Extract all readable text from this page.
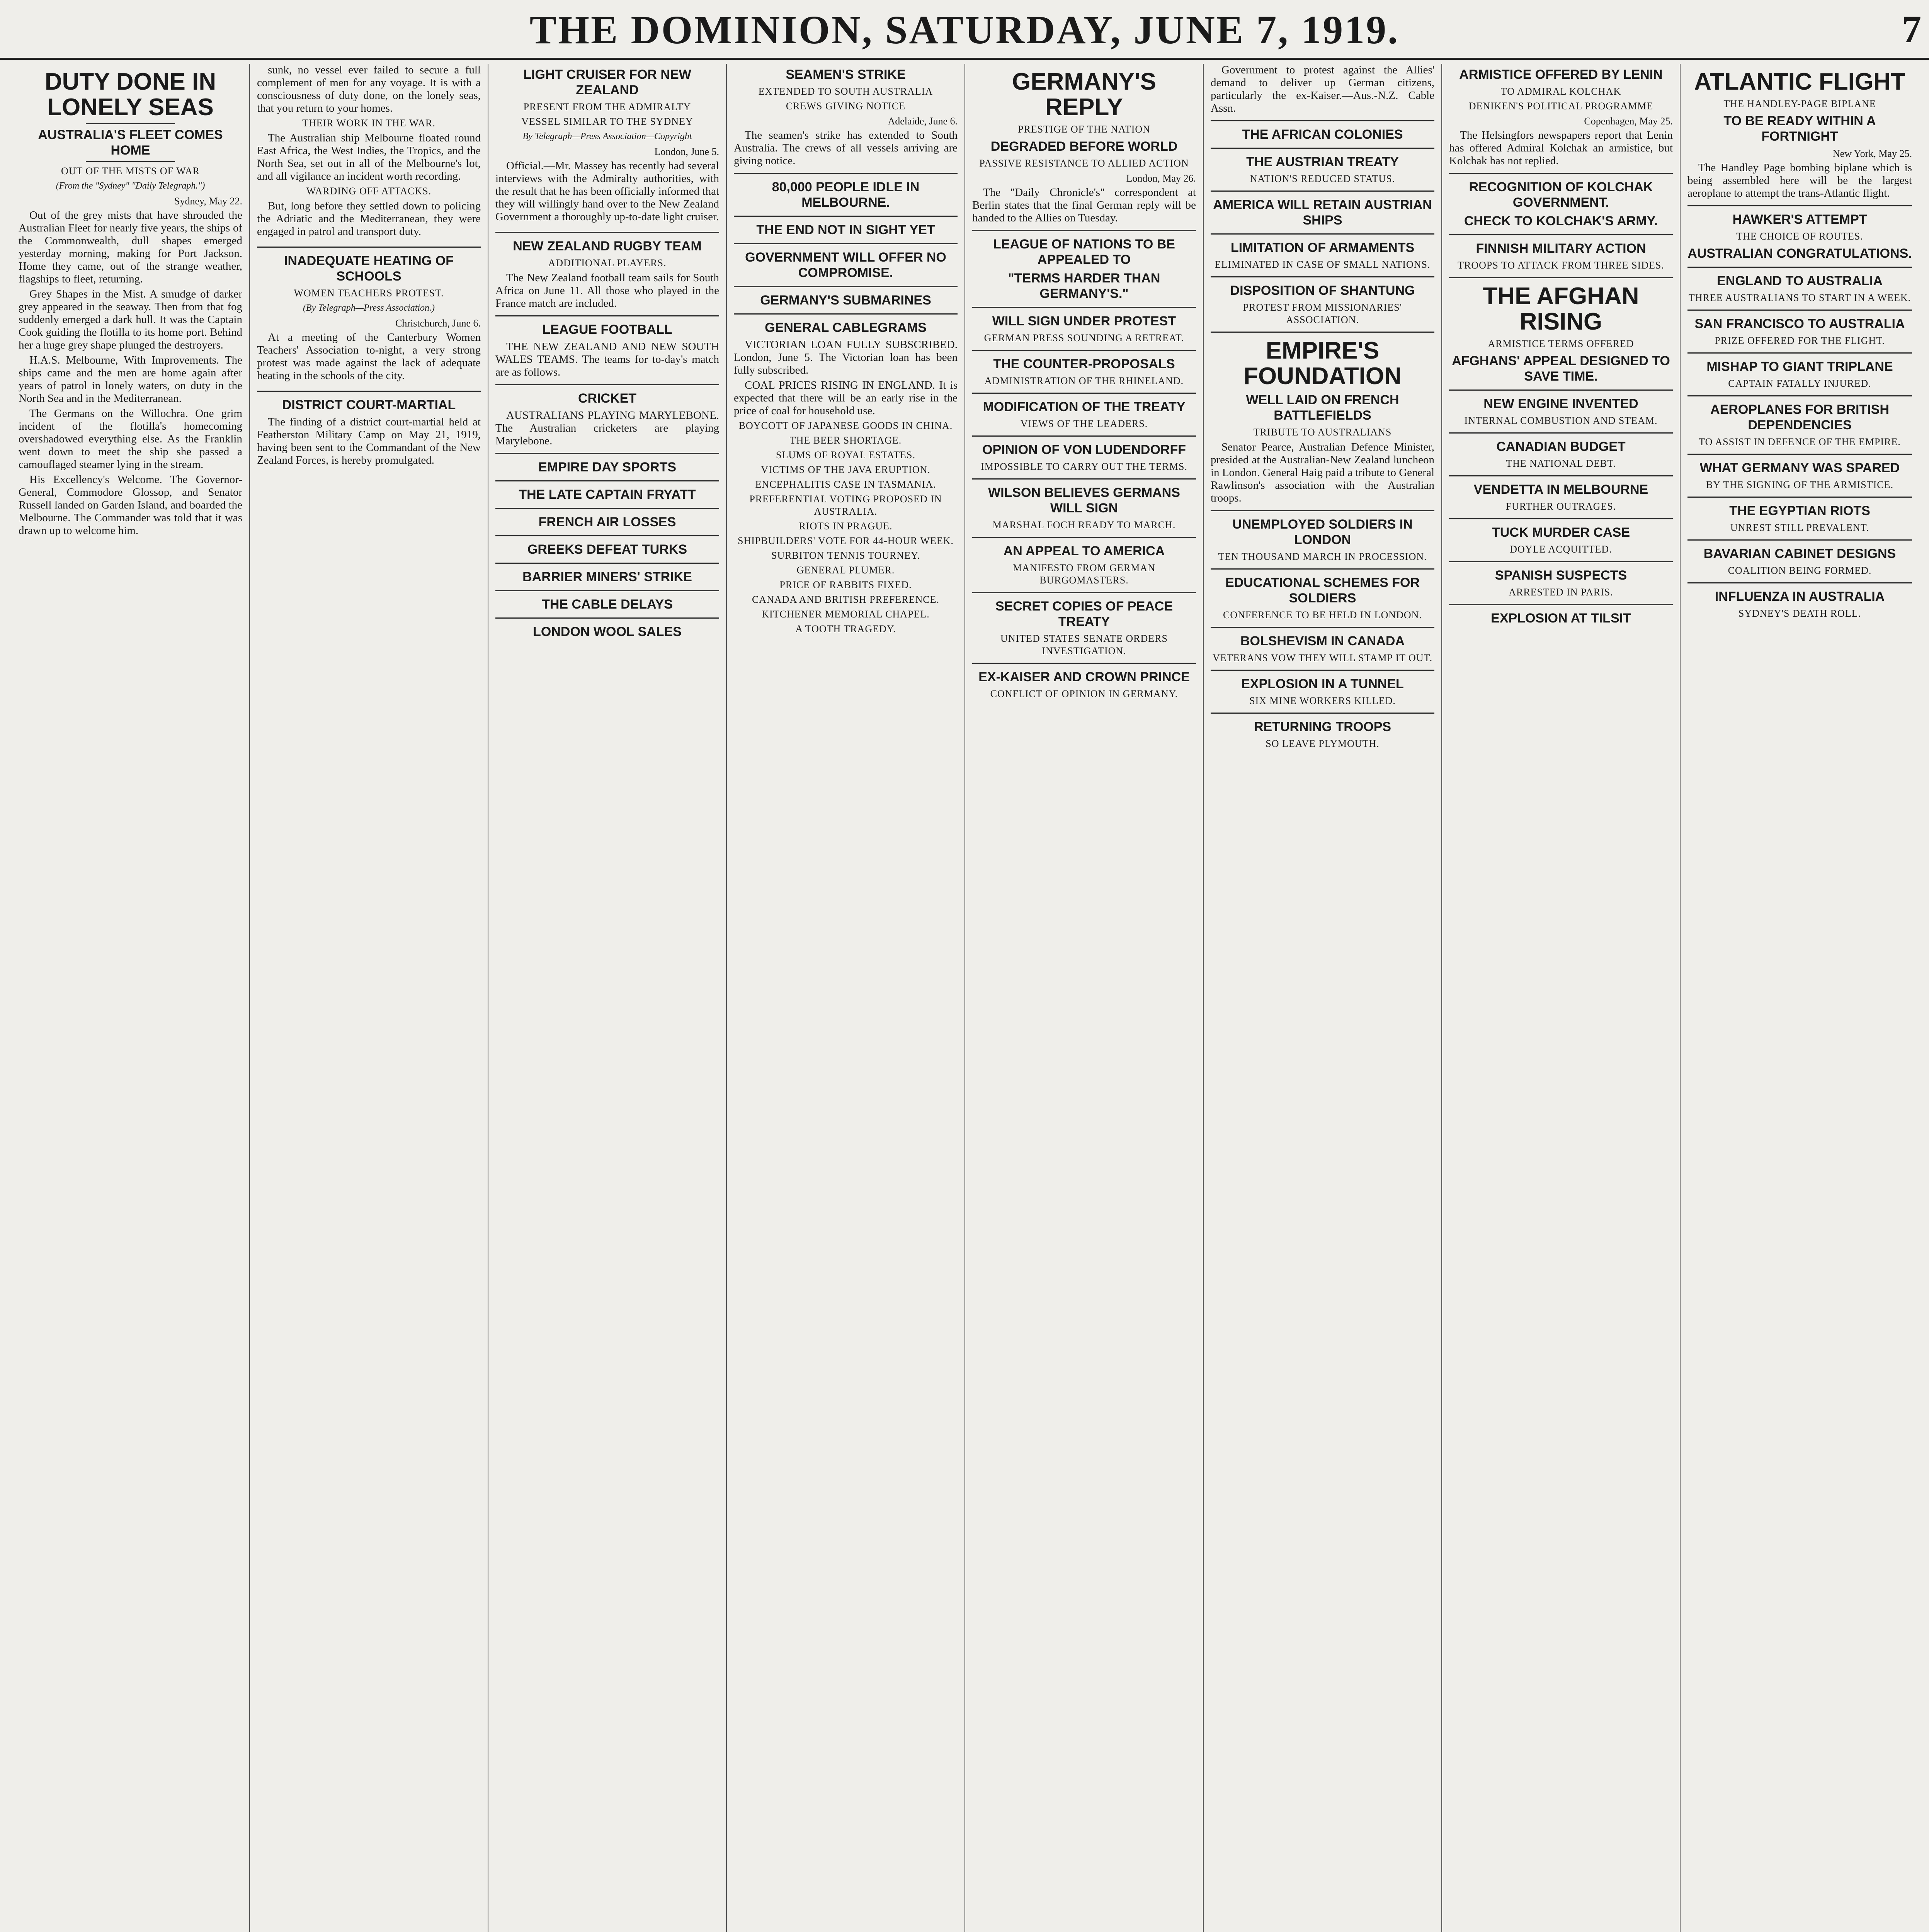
THE DOMINION, SATURDAY, JUNE 7, 1919.	7
DUTY DONE IN LONELY SEAS
AUSTRALIA'S FLEET COMES HOME
OUT OF THE MISTS OF WAR
(From the "Sydney" "Daily Telegraph.")
Sydney, May 22.

Out of the grey mists that have shrouded the Australian Fleet for nearly five years, the ships of the Commonwealth, dull shapes emerged yesterday morning, making for Port Jackson. Home they came, out of the strange weather, flagships to fleet, returning.

Grey Shapes in the Mist. A smudge of darker grey appeared in the seaway. Then from that fog suddenly emerged a dark hull. It was the Captain Cook guiding the flotilla to its home port. Behind her a huge grey shape plunged the destroyers.

H.A.S. Melbourne, With Improvements. The ships came and the men are home again after years of patrol in lonely waters, on duty in the North Sea and in the Mediterranean.

The Germans on the Willochra. One grim incident of the flotilla's homecoming overshadowed everything else. As the Franklin went down to meet the ship she passed a camouflaged steamer lying in the stream.

His Excellency's Welcome. The Governor-General, Commodore Glossop, and Senator Russell landed on Garden Island, and boarded the Melbourne. The Commander was told that it was drawn up to welcome him.

sunk, no vessel ever failed to secure a full complement of men for any voyage. It is with a consciousness of duty done, on the lonely seas, that you return to your homes.

THEIR WORK IN THE WAR.

The Australian ship Melbourne floated round East Africa, the West Indies, the Tropics, and the North Sea, set out in all of the Melbourne's lot, and all vigilance an incident worth recording.

WARDING OFF ATTACKS.

But, long before they settled down to policing the Adriatic and the Mediterranean, they were engaged in patrol and transport duty.

INADEQUATE HEATING OF SCHOOLS
WOMEN TEACHERS PROTEST.
(By Telegraph—Press Association.)
Christchurch, June 6.

At a meeting of the Canterbury Women Teachers' Association to-night, a very strong protest was made against the lack of adequate heating in the schools of the city.

DISTRICT COURT-MARTIAL

The finding of a district court-martial held at Featherston Military Camp on May 21, 1919, having been sent to the Commandant of the New Zealand Forces, is hereby promulgated.

LIGHT CRUISER FOR NEW ZEALAND
PRESENT FROM THE ADMIRALTY
VESSEL SIMILAR TO THE SYDNEY
By Telegraph—Press Association—Copyright
London, June 5.

Official.—Mr. Massey has recently had several interviews with the Admiralty authorities, with the result that he has been officially informed that they will willingly hand over to the New Zealand Government a thoroughly up-to-date light cruiser.

NEW ZEALAND RUGBY TEAM
ADDITIONAL PLAYERS.

The New Zealand football team sails for South Africa on June 11. All those who played in the France match are included.

LEAGUE FOOTBALL

THE NEW ZEALAND AND NEW SOUTH WALES TEAMS. The teams for to-day's match are as follows.

CRICKET

AUSTRALIANS PLAYING MARYLEBONE. The Australian cricketers are playing Marylebone.

EMPIRE DAY SPORTS
THE LATE CAPTAIN FRYATT
FRENCH AIR LOSSES
GREEKS DEFEAT TURKS
BARRIER MINERS' STRIKE
THE CABLE DELAYS
LONDON WOOL SALES
SEAMEN'S STRIKE
EXTENDED TO SOUTH AUSTRALIA
CREWS GIVING NOTICE
Adelaide, June 6.

The seamen's strike has extended to South Australia. The crews of all vessels arriving are giving notice.

80,000 PEOPLE IDLE IN MELBOURNE.
THE END NOT IN SIGHT YET
GOVERNMENT WILL OFFER NO COMPROMISE.
GERMANY'S SUBMARINES
GENERAL CABLEGRAMS

VICTORIAN LOAN FULLY SUBSCRIBED. London, June 5. The Victorian loan has been fully subscribed.

COAL PRICES RISING IN ENGLAND. It is expected that there will be an early rise in the price of coal for household use.

BOYCOTT OF JAPANESE GOODS IN CHINA.
THE BEER SHORTAGE.
SLUMS OF ROYAL ESTATES.
VICTIMS OF THE JAVA ERUPTION.
ENCEPHALITIS CASE IN TASMANIA.
PREFERENTIAL VOTING PROPOSED IN AUSTRALIA.
RIOTS IN PRAGUE.
SHIPBUILDERS' VOTE FOR 44-HOUR WEEK.
SURBITON TENNIS TOURNEY.
GENERAL PLUMER.
PRICE OF RABBITS FIXED.
CANADA AND BRITISH PREFERENCE.
KITCHENER MEMORIAL CHAPEL.
A TOOTH TRAGEDY.
GERMANY'S REPLY
PRESTIGE OF THE NATION
DEGRADED BEFORE WORLD
PASSIVE RESISTANCE TO ALLIED ACTION
London, May 26.

The "Daily Chronicle's" correspondent at Berlin states that the final German reply will be handed to the Allies on Tuesday.

LEAGUE OF NATIONS TO BE APPEALED TO
"TERMS HARDER THAN GERMANY'S."
WILL SIGN UNDER PROTEST
GERMAN PRESS SOUNDING A RETREAT.
THE COUNTER-PROPOSALS
ADMINISTRATION OF THE RHINELAND.
MODIFICATION OF THE TREATY
VIEWS OF THE LEADERS.
OPINION OF VON LUDENDORFF
IMPOSSIBLE TO CARRY OUT THE TERMS.
WILSON BELIEVES GERMANS WILL SIGN
MARSHAL FOCH READY TO MARCH.
AN APPEAL TO AMERICA
MANIFESTO FROM GERMAN BURGOMASTERS.
SECRET COPIES OF PEACE TREATY
UNITED STATES SENATE ORDERS INVESTIGATION.
EX-KAISER AND CROWN PRINCE
CONFLICT OF OPINION IN GERMANY.

Government to protest against the Allies' demand to deliver up German citizens, particularly the ex-Kaiser.—Aus.-N.Z. Cable Assn.

THE AFRICAN COLONIES
THE AUSTRIAN TREATY
NATION'S REDUCED STATUS.
AMERICA WILL RETAIN AUSTRIAN SHIPS
LIMITATION OF ARMAMENTS
ELIMINATED IN CASE OF SMALL NATIONS.
DISPOSITION OF SHANTUNG
PROTEST FROM MISSIONARIES' ASSOCIATION.
EMPIRE'S FOUNDATION
WELL LAID ON FRENCH BATTLEFIELDS
TRIBUTE TO AUSTRALIANS

Senator Pearce, Australian Defence Minister, presided at the Australian-New Zealand luncheon in London. General Haig paid a tribute to General Rawlinson's association with the Australian troops.

UNEMPLOYED SOLDIERS IN LONDON
TEN THOUSAND MARCH IN PROCESSION.
EDUCATIONAL SCHEMES FOR SOLDIERS
CONFERENCE TO BE HELD IN LONDON.
BOLSHEVISM IN CANADA
VETERANS VOW THEY WILL STAMP IT OUT.
EXPLOSION IN A TUNNEL
SIX MINE WORKERS KILLED.
RETURNING TROOPS
SO LEAVE PLYMOUTH.
ARMISTICE OFFERED BY LENIN
TO ADMIRAL KOLCHAK
DENIKEN'S POLITICAL PROGRAMME
Copenhagen, May 25.

The Helsingfors newspapers report that Lenin has offered Admiral Kolchak an armistice, but Kolchak has not replied.

RECOGNITION OF KOLCHAK GOVERNMENT.
CHECK TO KOLCHAK'S ARMY.
FINNISH MILITARY ACTION
TROOPS TO ATTACK FROM THREE SIDES.
THE AFGHAN RISING
ARMISTICE TERMS OFFERED
AFGHANS' APPEAL DESIGNED TO SAVE TIME.
NEW ENGINE INVENTED
INTERNAL COMBUSTION AND STEAM.
CANADIAN BUDGET
THE NATIONAL DEBT.
VENDETTA IN MELBOURNE
FURTHER OUTRAGES.
TUCK MURDER CASE
DOYLE ACQUITTED.
SPANISH SUSPECTS
ARRESTED IN PARIS.
EXPLOSION AT TILSIT
ATLANTIC FLIGHT
THE HANDLEY-PAGE BIPLANE
TO BE READY WITHIN A FORTNIGHT
New York, May 25.

The Handley Page bombing biplane which is being assembled here will be the largest aeroplane to attempt the trans-Atlantic flight.

HAWKER'S ATTEMPT
THE CHOICE OF ROUTES.
AUSTRALIAN CONGRATULATIONS.
ENGLAND TO AUSTRALIA
THREE AUSTRALIANS TO START IN A WEEK.
SAN FRANCISCO TO AUSTRALIA
PRIZE OFFERED FOR THE FLIGHT.
MISHAP TO GIANT TRIPLANE
CAPTAIN FATALLY INJURED.
AEROPLANES FOR BRITISH DEPENDENCIES
TO ASSIST IN DEFENCE OF THE EMPIRE.
WHAT GERMANY WAS SPARED
BY THE SIGNING OF THE ARMISTICE.
THE EGYPTIAN RIOTS
UNREST STILL PREVALENT.
BAVARIAN CABINET DESIGNS
COALITION BEING FORMED.
INFLUENZA IN AUSTRALIA
SYDNEY'S DEATH ROLL.
